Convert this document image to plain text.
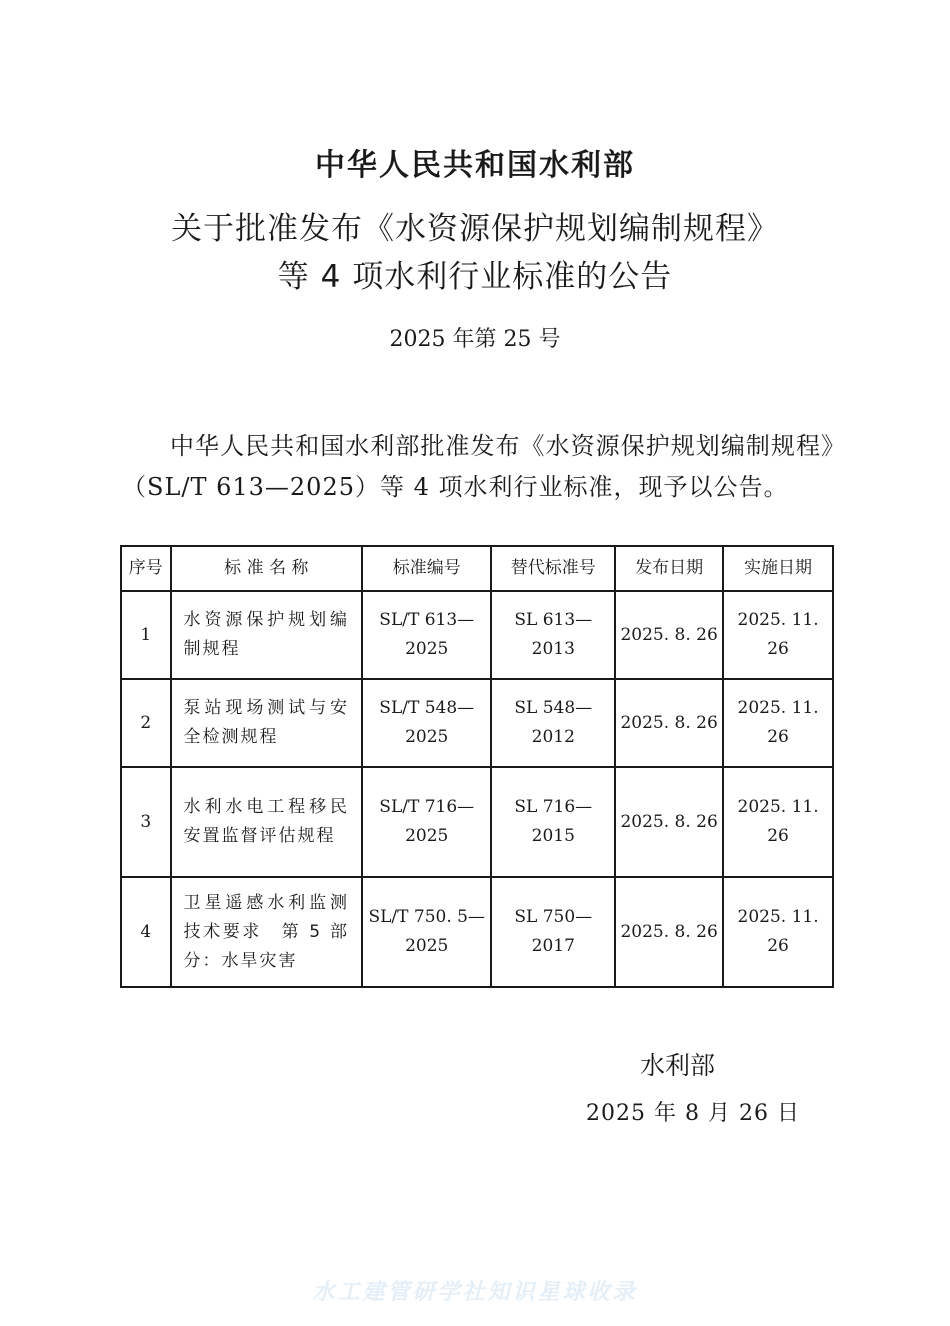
中华人民共和国水利部
关于批准发布《水资源保护规划编制规程》
等 4 项水利行业标准的公告
2025 年第 25 号
中华人民共和国水利部批准发布《水资源保护规划编制规程》（SL/T 613—2025）等 4 项水利行业标准，现予以公告。
序号	标 准 名 称	标准编号	替代标准号	发布日期	实施日期
1	水资源保护规划编制规程	SL/T 613—2025	SL 613—2013	2025. 8. 26	2025. 11. 26
2	泵站现场测试与安全检测规程	SL/T 548—2025	SL 548—2012	2025. 8. 26	2025. 11. 26
3	水利水电工程移民安置监督评估规程	SL/T 716—2025	SL 716—2015	2025. 8. 26	2025. 11. 26
4	卫星遥感水利监测技术要求　第 5 部分：水旱灾害	SL/T 750. 5—2025	SL 750—2017	2025. 8. 26	2025. 11. 26
水利部
2025 年 8 月 26 日
水工建管研学社知识星球收录
